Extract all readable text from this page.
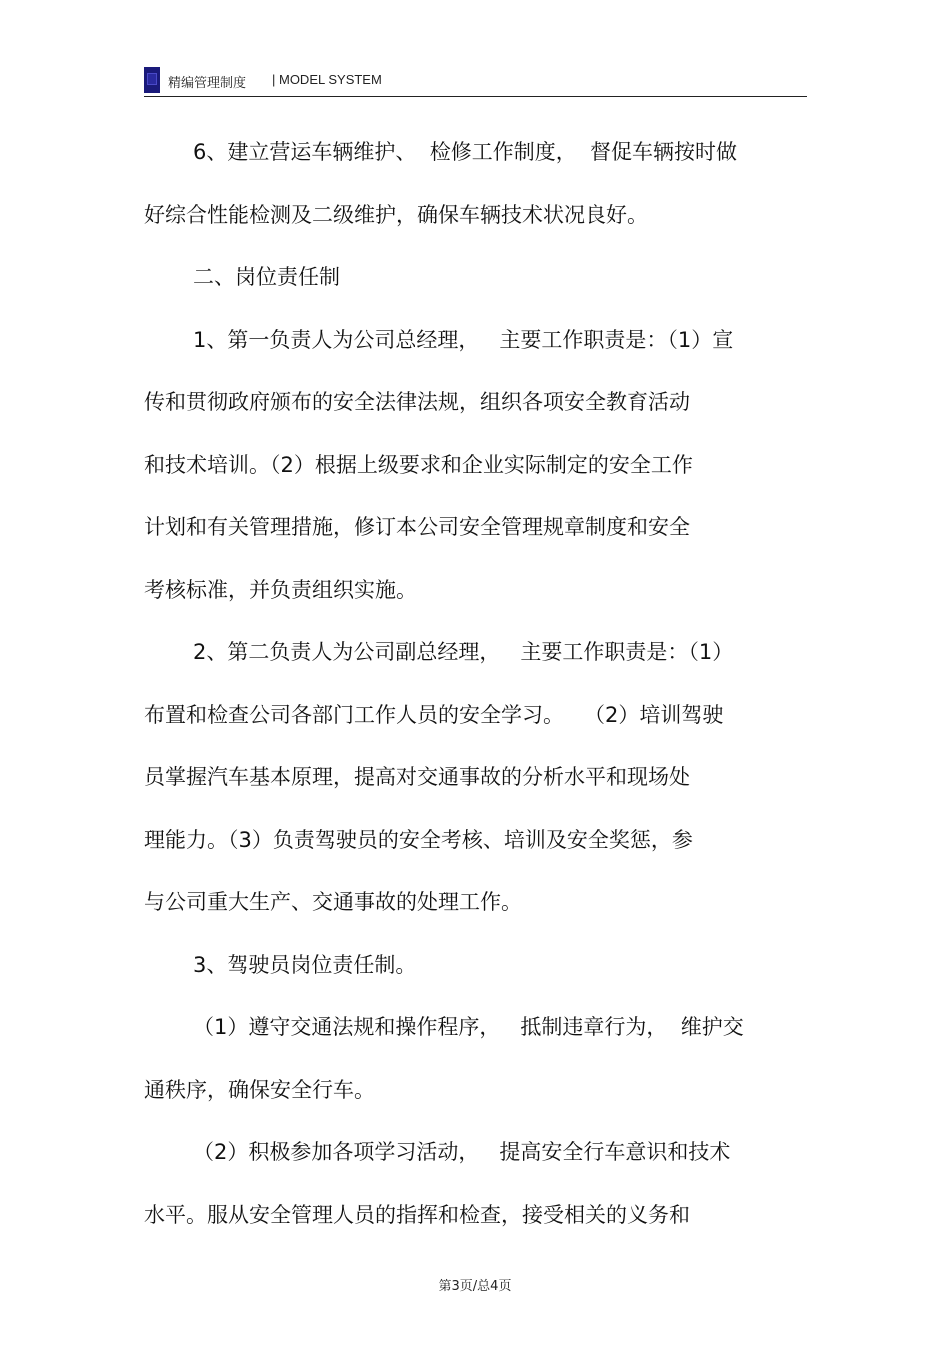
精编管理制度 | MODEL SYSTEM
6、建立营运车辆维护、  检修工作制度，  督促车辆按时做
好综合性能检测及二级维护，确保车辆技术状况良好。
二、岗位责任制
1、第一负责人为公司总经理，   主要工作职责是：（1）宣
传和贯彻政府颁布的安全法律法规，组织各项安全教育活动
和技术培训。（2）根据上级要求和企业实际制定的安全工作
计划和有关管理措施，修订本公司安全管理规章制度和安全
考核标准，并负责组织实施。
2、第二负责人为公司副总经理，   主要工作职责是：（1）
布置和检查公司各部门工作人员的安全学习。   （2）培训驾驶
员掌握汽车基本原理，提高对交通事故的分析水平和现场处
理能力。（3）负责驾驶员的安全考核、培训及安全奖惩，参
与公司重大生产、交通事故的处理工作。
3、驾驶员岗位责任制。
（1）遵守交通法规和操作程序，   抵制违章行为，  维护交
通秩序，确保安全行车。
（2）积极参加各项学习活动，   提高安全行车意识和技术
水平。服从安全管理人员的指挥和检查，接受相关的义务和
第3页/总4页
